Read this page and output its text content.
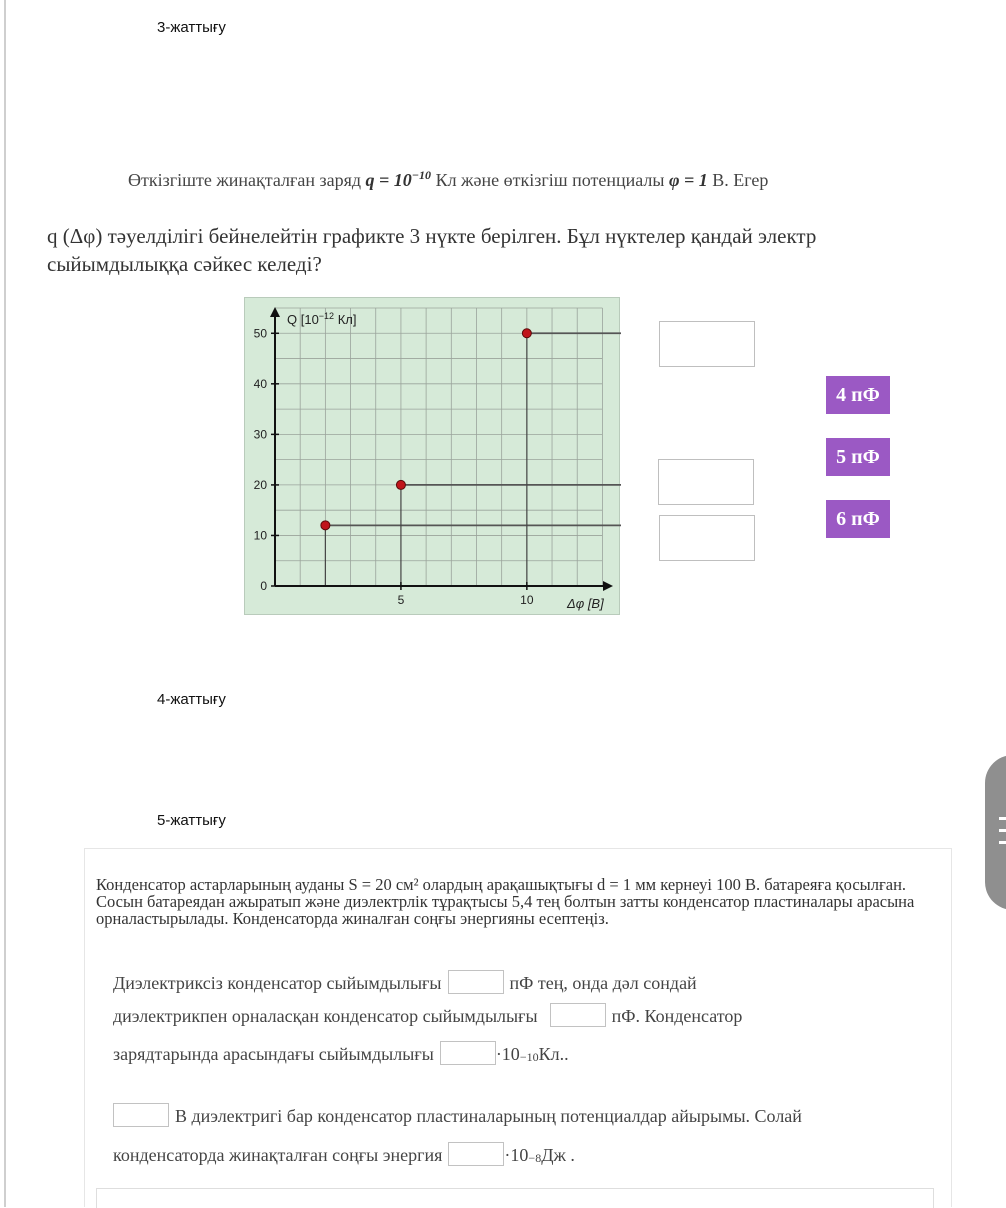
3-жаттығу
Өткізгіште жинақталған заряд $q = 10^{-10}$ Кл және өткізгіш потенциалы φ = 1 В. Егер
q (Δφ) тәуелділігі бейнелейтін графикте 3 нүкте берілген. Бұл нүктелер қандай электр
сыйымдылыққа сәйкес келеді?
0
10
20
30
40
50
5	10
Q [$10^{-12}$ Кл]
Δφ [В]
4 пФ
5 пФ
6 пФ
4-жаттығу
5-жаттығу
Конденсатор астарларының ауданы S = 20 см² олардың арақашықтығы d = 1 мм кернеуі 100 В. батареяға қосылған. Сосын батареядан ажыратып және диэлектрлік тұрақтысы 5,4 тең болтын затты конденсатор пластиналары арасына орналастырылады. Конденсаторда жиналған соңғы энергияны есептеңіз.
Диэлектриксіз конденсатор сыйымдылығы	пФ тең, онда дәл сондай
диэлектрикпен орналасқан конденсатор сыйымдылығы	пФ. Конденсатор
зарядтарында арасындағы сыйымдылығы	·10 −10 Кл..
В диэлектригі бар конденсатор пластиналарының потенциалдар айырымы. Солай
конденсаторда жинақталған соңғы энергия	·10 −8 Дж .
